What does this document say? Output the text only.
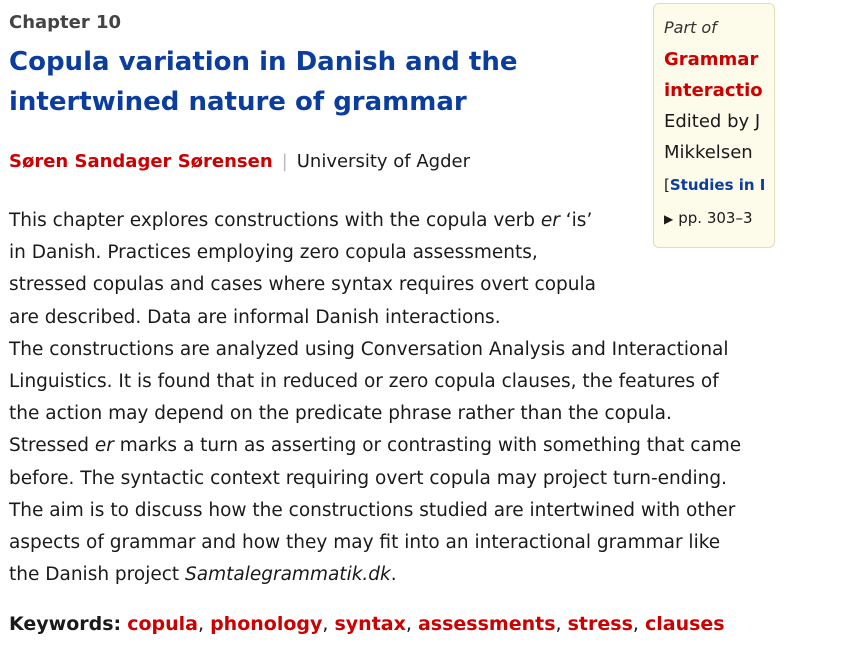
Chapter 10
Copula variation in Danish and the intertwined nature of grammar
Søren Sandager Sørensen | University of Agder

This chapter explores constructions with the copula verb er ‘is’ in Danish. Practices employing zero copula assessments, stressed copulas and cases where syntax requires overt copula are described. Data are informal Danish interactions.

The constructions are analyzed using Conversation Analysis and Interactional Linguistics. It is found that in reduced or zero copula clauses, the features of the action may depend on the predicate phrase rather than the copula. Stressed er marks a turn as asserting or contrasting with something that came before. The syntactic context requiring overt copula may project turn-ending.

The aim is to discuss how the constructions studied are intertwined with other aspects of grammar and how they may fit into an interactional grammar like the Danish project Samtalegrammatik.dk.

Keywords: copula, phonology, syntax, assessments, stress, clauses
Part of
Grammar
interactio
Edited by J
Mikkelsen
[Studies in I
▶ pp. 303–3
